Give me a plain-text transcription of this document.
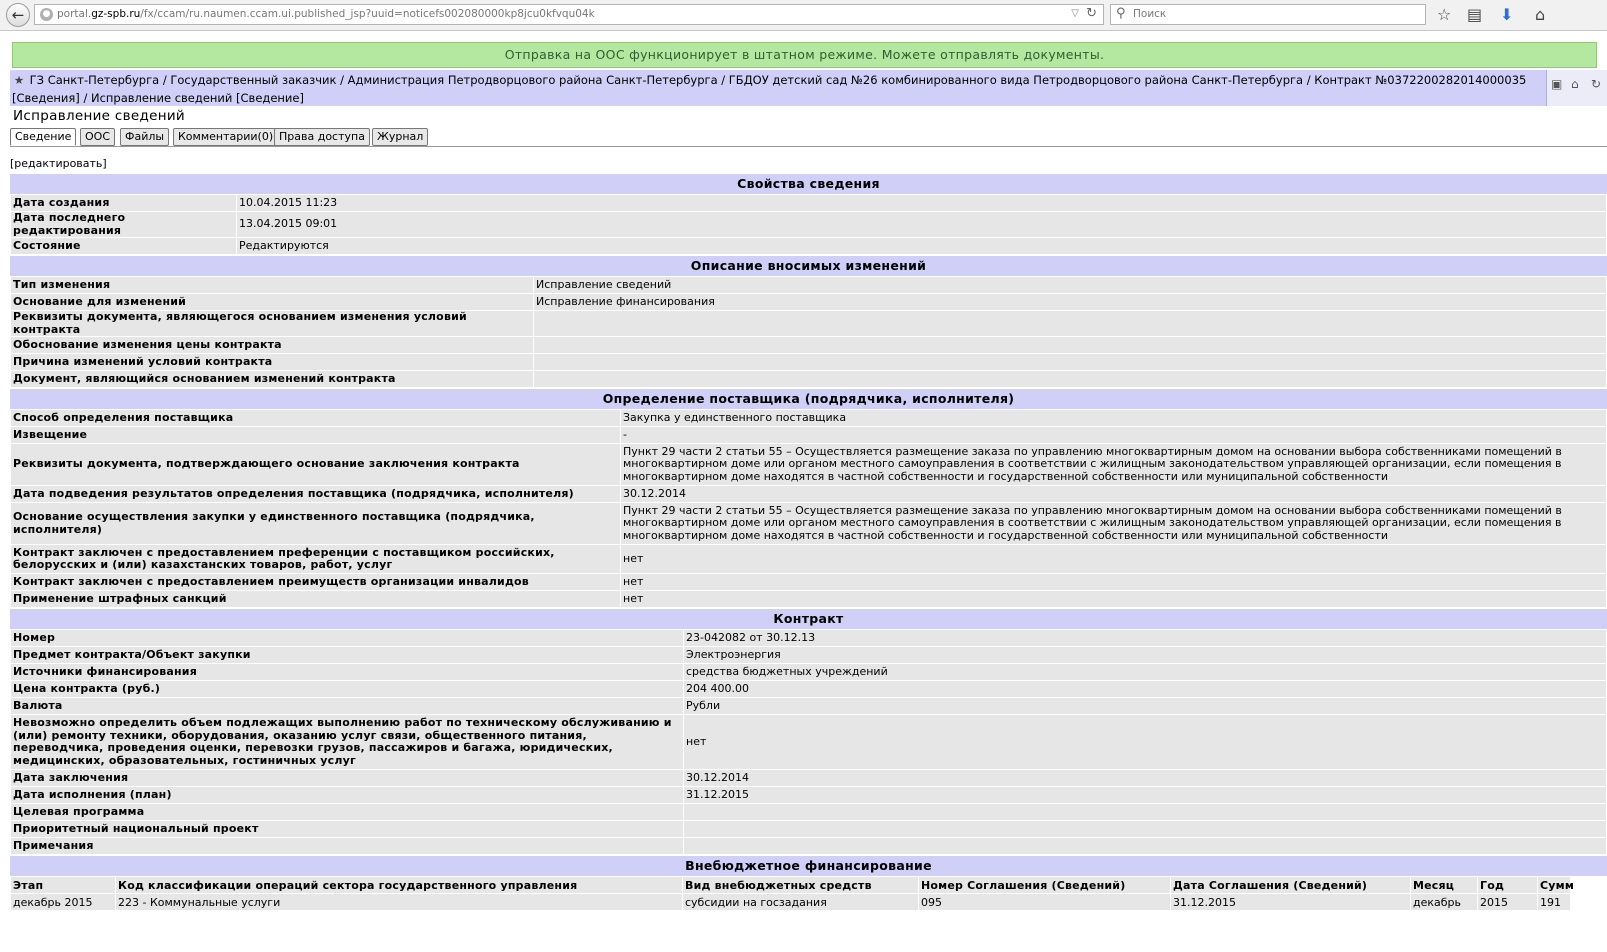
←	● portal.gz-spb.ru/fx/ccam/ru.naumen.ccam.ui.published_jsp?uuid=noticefs002080000kp8jcu0kfvqu04k	▽ ↻ ⚲ Поиск	☆ ▤ ⬇ ⌂
Отправка на ООС функционирует в штатном режиме. Можете отправлять документы.
★ ГЗ Санкт-Петербурга / Государственный заказчик / Администрация Петродворцового района Санкт-Петербурга / ГБДОУ детский сад №26 комбинированного вида Петродворцового района Санкт-Петербурга / Контракт №0372200282014000035
[Сведения] / Исправление сведений [Сведение]
▣ ⌂ ↻
Исправление сведений
Сведение	ООС	Файлы	Комментарии(0) Права доступа	Журнал
[редактировать]
Свойства сведения
Дата создания	10.04.2015 11:23
Дата последнего редактирования	13.04.2015 09:01
Состояние	Редактируются
Описание вносимых изменений
Тип изменения	Исправление сведений
Основание для изменений	Исправление финансирования
Реквизиты документа, являющегося основанием изменения условий контракта	
Обоснование изменения цены контракта	
Причина изменений условий контракта	
Документ, являющийся основанием изменений контракта	
Определение поставщика (подрядчика, исполнителя)
Способ определения поставщика	Закупка у единственного поставщика
Извещение	-
Реквизиты документа, подтверждающего основание заключения контракта	Пункт 29 части 2 статьи 55 – Осуществляется размещение заказа по управлению многоквартирным домом на основании выбора собственниками помещений в многоквартирном доме или органом местного самоуправления в соответствии с жилищным законодательством управляющей организации, если помещения в многоквартирном доме находятся в частной собственности и государственной собственности или муниципальной собственности
Дата подведения результатов определения поставщика (подрядчика, исполнителя)	30.12.2014
Основание осуществления закупки у единственного поставщика (подрядчика, исполнителя)	Пункт 29 части 2 статьи 55 – Осуществляется размещение заказа по управлению многоквартирным домом на основании выбора собственниками помещений в многоквартирном доме или органом местного самоуправления в соответствии с жилищным законодательством управляющей организации, если помещения в многоквартирном доме находятся в частной собственности и государственной собственности или муниципальной собственности
Контракт заключен с предоставлением преференции с поставщиком российских, белорусских и (или) казахстанских товаров, работ, услуг	нет
Контракт заключен с предоставлением преимуществ организации инвалидов	нет
Применение штрафных санкций	нет
Контракт
Номер	23-042082 от 30.12.13
Предмет контракта/Объект закупки	Электроэнергия
Источники финансирования	средства бюджетных учреждений
Цена контракта (руб.)	204 400.00
Валюта	Рубли
Невозможно определить объем подлежащих выполнению работ по техническому обслуживанию и (или) ремонту техники, оборудования, оказанию услуг связи, общественного питания, переводчика, проведения оценки, перевозки грузов, пассажиров и багажа, юридических, медицинских, образовательных, гостиничных услуг	нет
Дата заключения	30.12.2014
Дата исполнения (план)	31.12.2015
Целевая программа	
Приоритетный национальный проект	
Примечания	
Внебюджетное финансирование
Этап	Код классификации операций сектора государственного управления	Вид внебюджетных средств	Номер Соглашения (Сведений)	Дата Соглашения (Сведений)	Месяц	Год	Сумм
декабрь 2015	223 - Коммунальные услуги	субсидии на госзадания	095	31.12.2015	декабрь	2015	191
